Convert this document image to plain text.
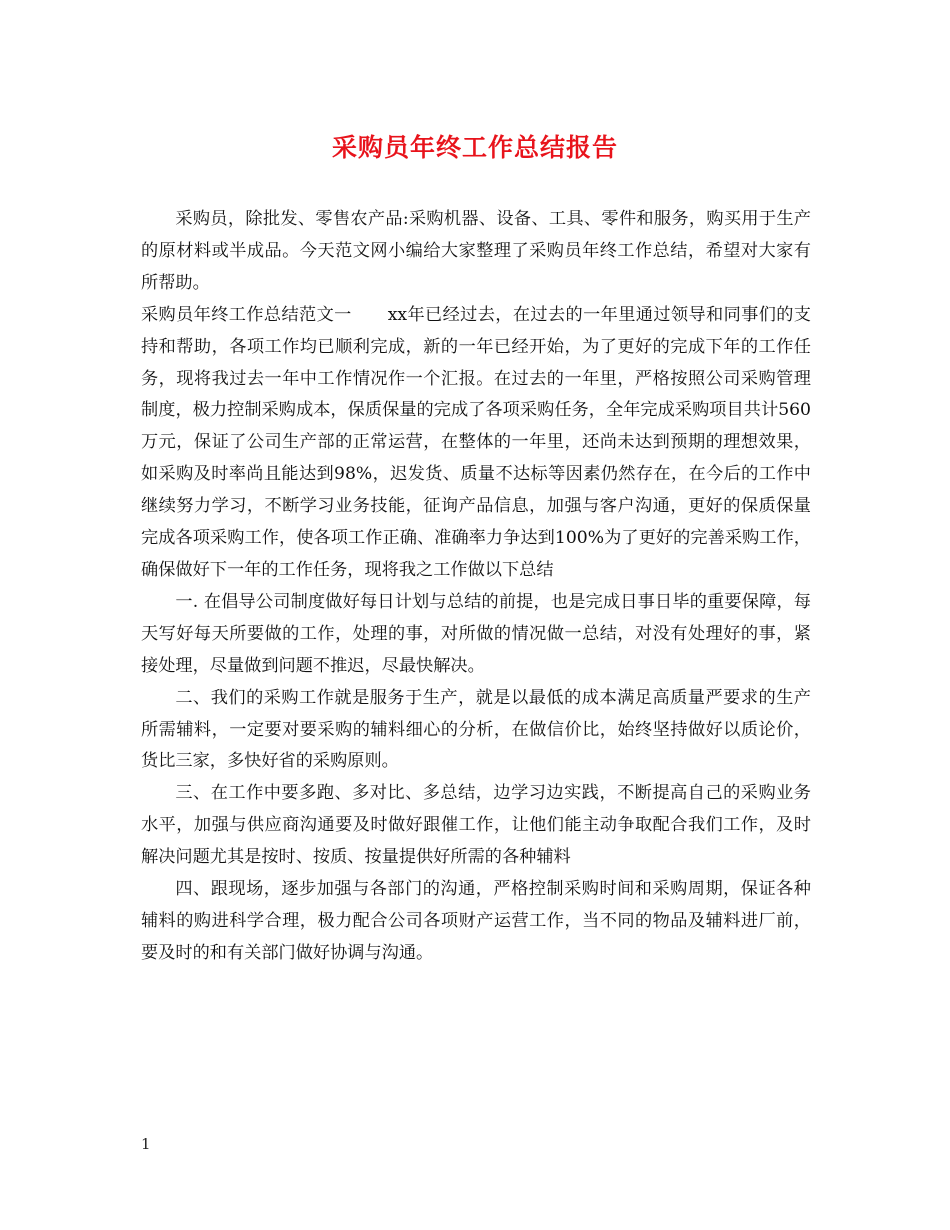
采购员年终工作总结报告

采购员，除批发、零售农产品:采购机器、设备、工具、零件和服务，购买用于生产的原材料或半成品。今天范文网小编给大家整理了采购员年终工作总结，希望对大家有所帮助。

采购员年终工作总结范文一 xx年已经过去，在过去的一年里通过领导和同事们的支持和帮助，各项工作均已顺利完成，新的一年已经开始，为了更好的完成下年的工作任务，现将我过去一年中工作情况作一个汇报。在过去的一年里，严格按照公司采购管理制度，极力控制采购成本，保质保量的完成了各项采购任务，全年完成采购项目共计560万元，保证了公司生产部的正常运营，在整体的一年里，还尚未达到预期的理想效果，如采购及时率尚且能达到98%，迟发货、质量不达标等因素仍然存在，在今后的工作中继续努力学习，不断学习业务技能，征询产品信息，加强与客户沟通，更好的保质保量完成各项采购工作，使各项工作正确、准确率力争达到100%为了更好的完善采购工作，确保做好下一年的工作任务，现将我之工作做以下总结

一. 在倡导公司制度做好每日计划与总结的前提，也是完成日事日毕的重要保障，每天写好每天所要做的工作，处理的事，对所做的情况做一总结，对没有处理好的事，紧接处理，尽量做到问题不推迟，尽最快解决。

二、我们的采购工作就是服务于生产，就是以最低的成本满足高质量严要求的生产所需辅料，一定要对要采购的辅料细心的分析，在做信价比，始终坚持做好以质论价，货比三家，多快好省的采购原则。

三、在工作中要多跑、多对比、多总结，边学习边实践，不断提高自己的采购业务水平，加强与供应商沟通要及时做好跟催工作，让他们能主动争取配合我们工作，及时解决问题尤其是按时、按质、按量提供好所需的各种辅料

四、跟现场，逐步加强与各部门的沟通，严格控制采购时间和采购周期，保证各种辅料的购进科学合理，极力配合公司各项财产运营工作，当不同的物品及辅料进厂前，要及时的和有关部门做好协调与沟通。

1
